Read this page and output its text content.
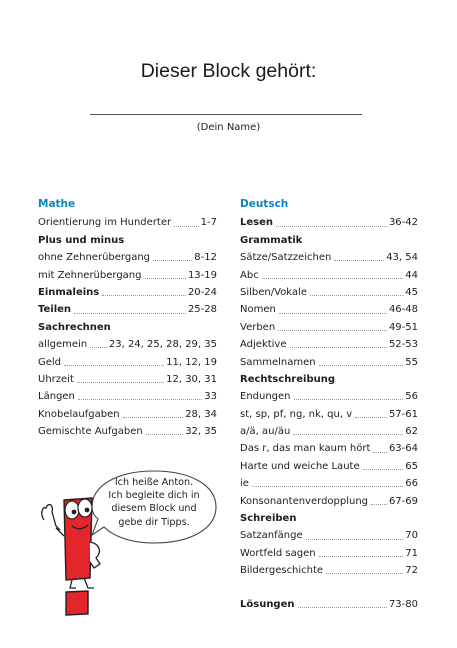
Dieser Block gehört:
(Dein Name)
Mathe
Orientierung im Hunderter	1-7
Plus und minus
ohne Zehnerübergang	8-12
mit Zehnerübergang	13-19
Einmaleins	20-24
Teilen	25-28
Sachrechnen
allgemein 23, 24, 25, 28, 29, 35
Geld	11, 12, 19
Uhrzeit	12, 30, 31
Längen	33
Knobelaufgaben	28, 34
Gemischte Aufgaben	32, 35
Deutsch
Lesen	36-42
Grammatik
Sätze/Satzzeichen	43, 54
Abc	44
Silben/Vokale	45
Nomen	46-48
Verben	49-51
Adjektive	52-53
Sammelnamen	55
Rechtschreibung
Endungen	56
st, sp, pf, ng, nk, qu, v	57-61
a/ä, au/äu	62
Das r, das man kaum hört 63-64
Harte und weiche Laute	65
ie	66
Konsonantenverdopplung 67-69
Schreiben
Satzanfänge	70
Wortfeld sagen	71
Bildergeschichte	72
Lösungen	73-80
Ich heiße Anton.
Ich begleite dich in
diesem Block und
gebe dir Tipps.
